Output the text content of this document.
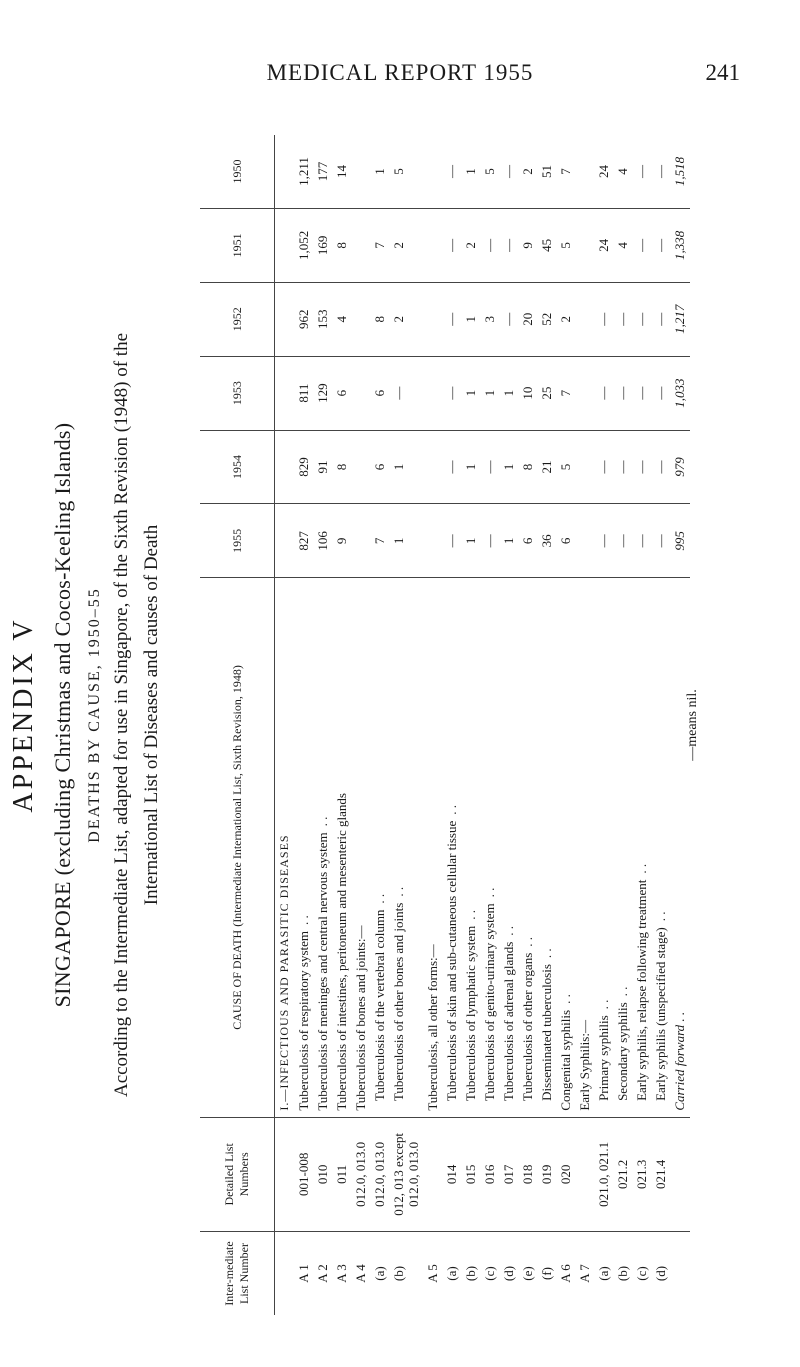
MEDICAL REPORT 1955	241
APPENDIX V SINGAPORE (excluding Christmas and Cocos-Keeling Islands) DEATHS BY CAUSE, 1950–55 According to the Intermediate List, adapted for use in Singapore, of the Sixth Revision (1948) of the International List of Diseases and causes of Death
Inter-mediate List Number	Detailed List Numbers	CAUSE OF DEATH (Intermediate International List, Sixth Revision, 1948)	1955	1954	1953	1952	1951	1950
		I.—INFECTIOUS AND PARASITIC DISEASES						
A 1	001-008	Tuberculosis of respiratory system. .	827	829	811	962	1,052	1,211
A 2	010	Tuberculosis of meninges and central nervous system. .	106	91	129	153	169	177
A 3	011	Tuberculosis of intestines, peritoneum and mesenteric glands	9	8	6	4	8	14
A 4	012.0, 013.0	Tuberculosis of bones and joints:—						
(a)	012.0, 013.0	Tuberculosis of the vertebral column. .	7	6	6	8	7	1
(b)	012, 013 except 012.0, 013.0	Tuberculosis of other bones and joints. .	1	1	—	2	2	5
A 5		Tuberculosis, all other forms:—						
(a)	014	Tuberculosis of skin and sub-cutaneous cellular tissue. .	—	—	—	—	—	—
(b)	015	Tuberculosis of lymphatic system. .	1	1	1	1	2	1
(c)	016	Tuberculosis of genito-urinary system. .	—	—	1	3	—	5
(d)	017	Tuberculosis of adrenal glands. .	1	1	1	—	—	—
(e)	018	Tuberculosis of other organs. .	6	8	10	20	9	2
(f)	019	Disseminated tuberculosis. .	36	21	25	52	45	51
A 6	020	Congenital syphilis. .	6	5	7	2	5	7
A 7		Early Syphilis:—						
(a)	021.0, 021.1	Primary syphilis. .	—	—	—	—	24	24
(b)	021.2	Secondary syphilis. .	—	—	—	—	4	4
(c)	021.3	Early syphilis, relapse following treatment. .	—	—	—	—	—	—
(d)	021.4	Early syphilis (unspecified stage). .	—	—	—	—	—	—
		Carried forward . .	995	979	1,033	1,217	1,338	1,518
—means nil.
